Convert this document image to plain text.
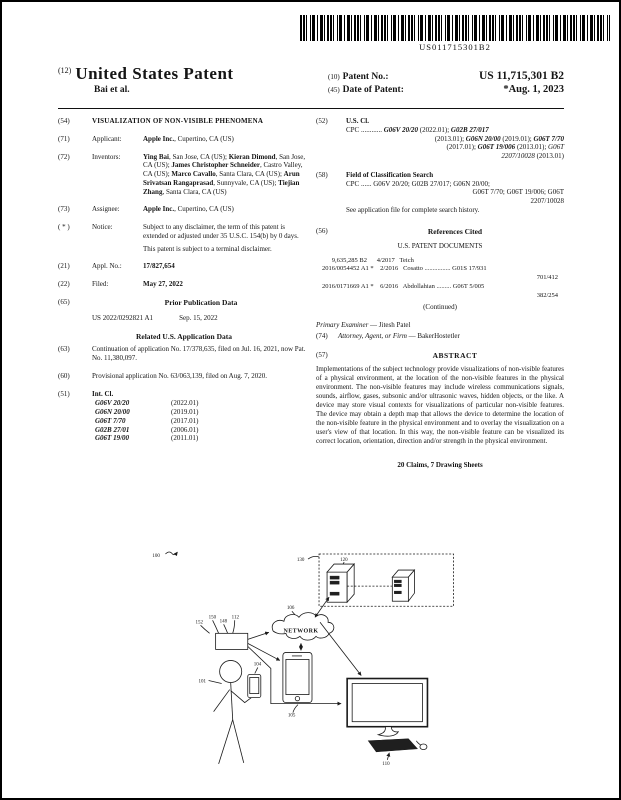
US011715301B2
$^{(12)}$ United States Patent
Bai et al.
(10) Patent No.:	US 11,715,301 B2
(45) Date of Patent:	*Aug. 1, 2023
(54)	VISUALIZATION OF NON-VISIBLE PHENOMENA
(71)	Applicant:	Apple Inc., Cupertino, CA (US)
(72)	Inventors:	Ying Bai, San Jose, CA (US); Kieran Dimond, San Jose, CA (US); James Christopher Schneider, Castro Valley, CA (US); Marco Cavallo, Santa Clara, CA (US); Arun Srivatsan Rangaprasad, Sunnyvale, CA (US); Tiejian Zhang, Santa Clara, CA (US)
(73)	Assignee:	Apple Inc., Cupertino, CA (US)
( * )	Notice:	Subject to any disclaimer, the term of this patent is extended or adjusted under 35 U.S.C. 154(b) by 0 days.
This patent is subject to a terminal disclaimer.
(21)	Appl. No.:	17/827,654
(22)	Filed:	May 27, 2022
(65)	Prior Publication Data
US 2022/0292821 A1	Sep. 15, 2022
Related U.S. Application Data
(63)	Continuation of application No. 17/378,635, filed on Jul. 16, 2021, now Pat. No. 11,380,097.
(60)	Provisional application No. 63/063,139, filed on Aug. 7, 2020.
(51)	Int. Cl.
G06V 20/20	(2022.01)
G06N 20/00	(2019.01)
G06T 7/70	(2017.01)
G02B 27/01	(2006.01)
G06T 19/00	(2011.01)
(52)	U.S. Cl.
CPC ............ G06V 20/20 (2022.01); G02B 27/017
(2013.01); G06N 20/00 (2019.01); G06T 7/70
(2017.01); G06T 19/006 (2013.01); G06T
2207/10028 (2013.01)
(58)	Field of Classification Search
CPC ...... G06V 20/20; G02B 27/017; G06N 20/00;
G06T 7/70; G06T 19/006; G06T
2207/10028
See application file for complete search history.
(56)	References Cited
U.S. PATENT DOCUMENTS
9,635,285 B2      4/2017   Teich
2016/0054452 A1 *    2/2016   Cosatto ................ G01S 17/931
701/412
2016/0171669 A1 *    6/2016   Abdollahian ......... G06T 5/005
382/254
(Continued)
Primary Examiner — Jitesh Patel
(74)	Attorney, Agent, or Firm — BakerHostetler
(57)	ABSTRACT
Implementations of the subject technology provide visualizations of non-visible features of a physical environment, at the location of the non-visible features in the physical environment. The non-visible features may include wireless communications signals, sounds, airflow, gases, subsonic and/or ultrasonic waves, hidden objects, or the like. A device may store visual contexts for visualizations of particular non-visible features. The device may obtain a depth map that allows the device to determine the location of the non-visible feature in the physical environment and to overlay the visualization on a user's view of that location. In this way, the non-visible feature can be visualized its correct location, orientation, direction and/or strength in the physical environment.
20 Claims, 7 Drawing Sheets
100
130	120
106
NETWORK
152
150
148
112
105
110
101
104
